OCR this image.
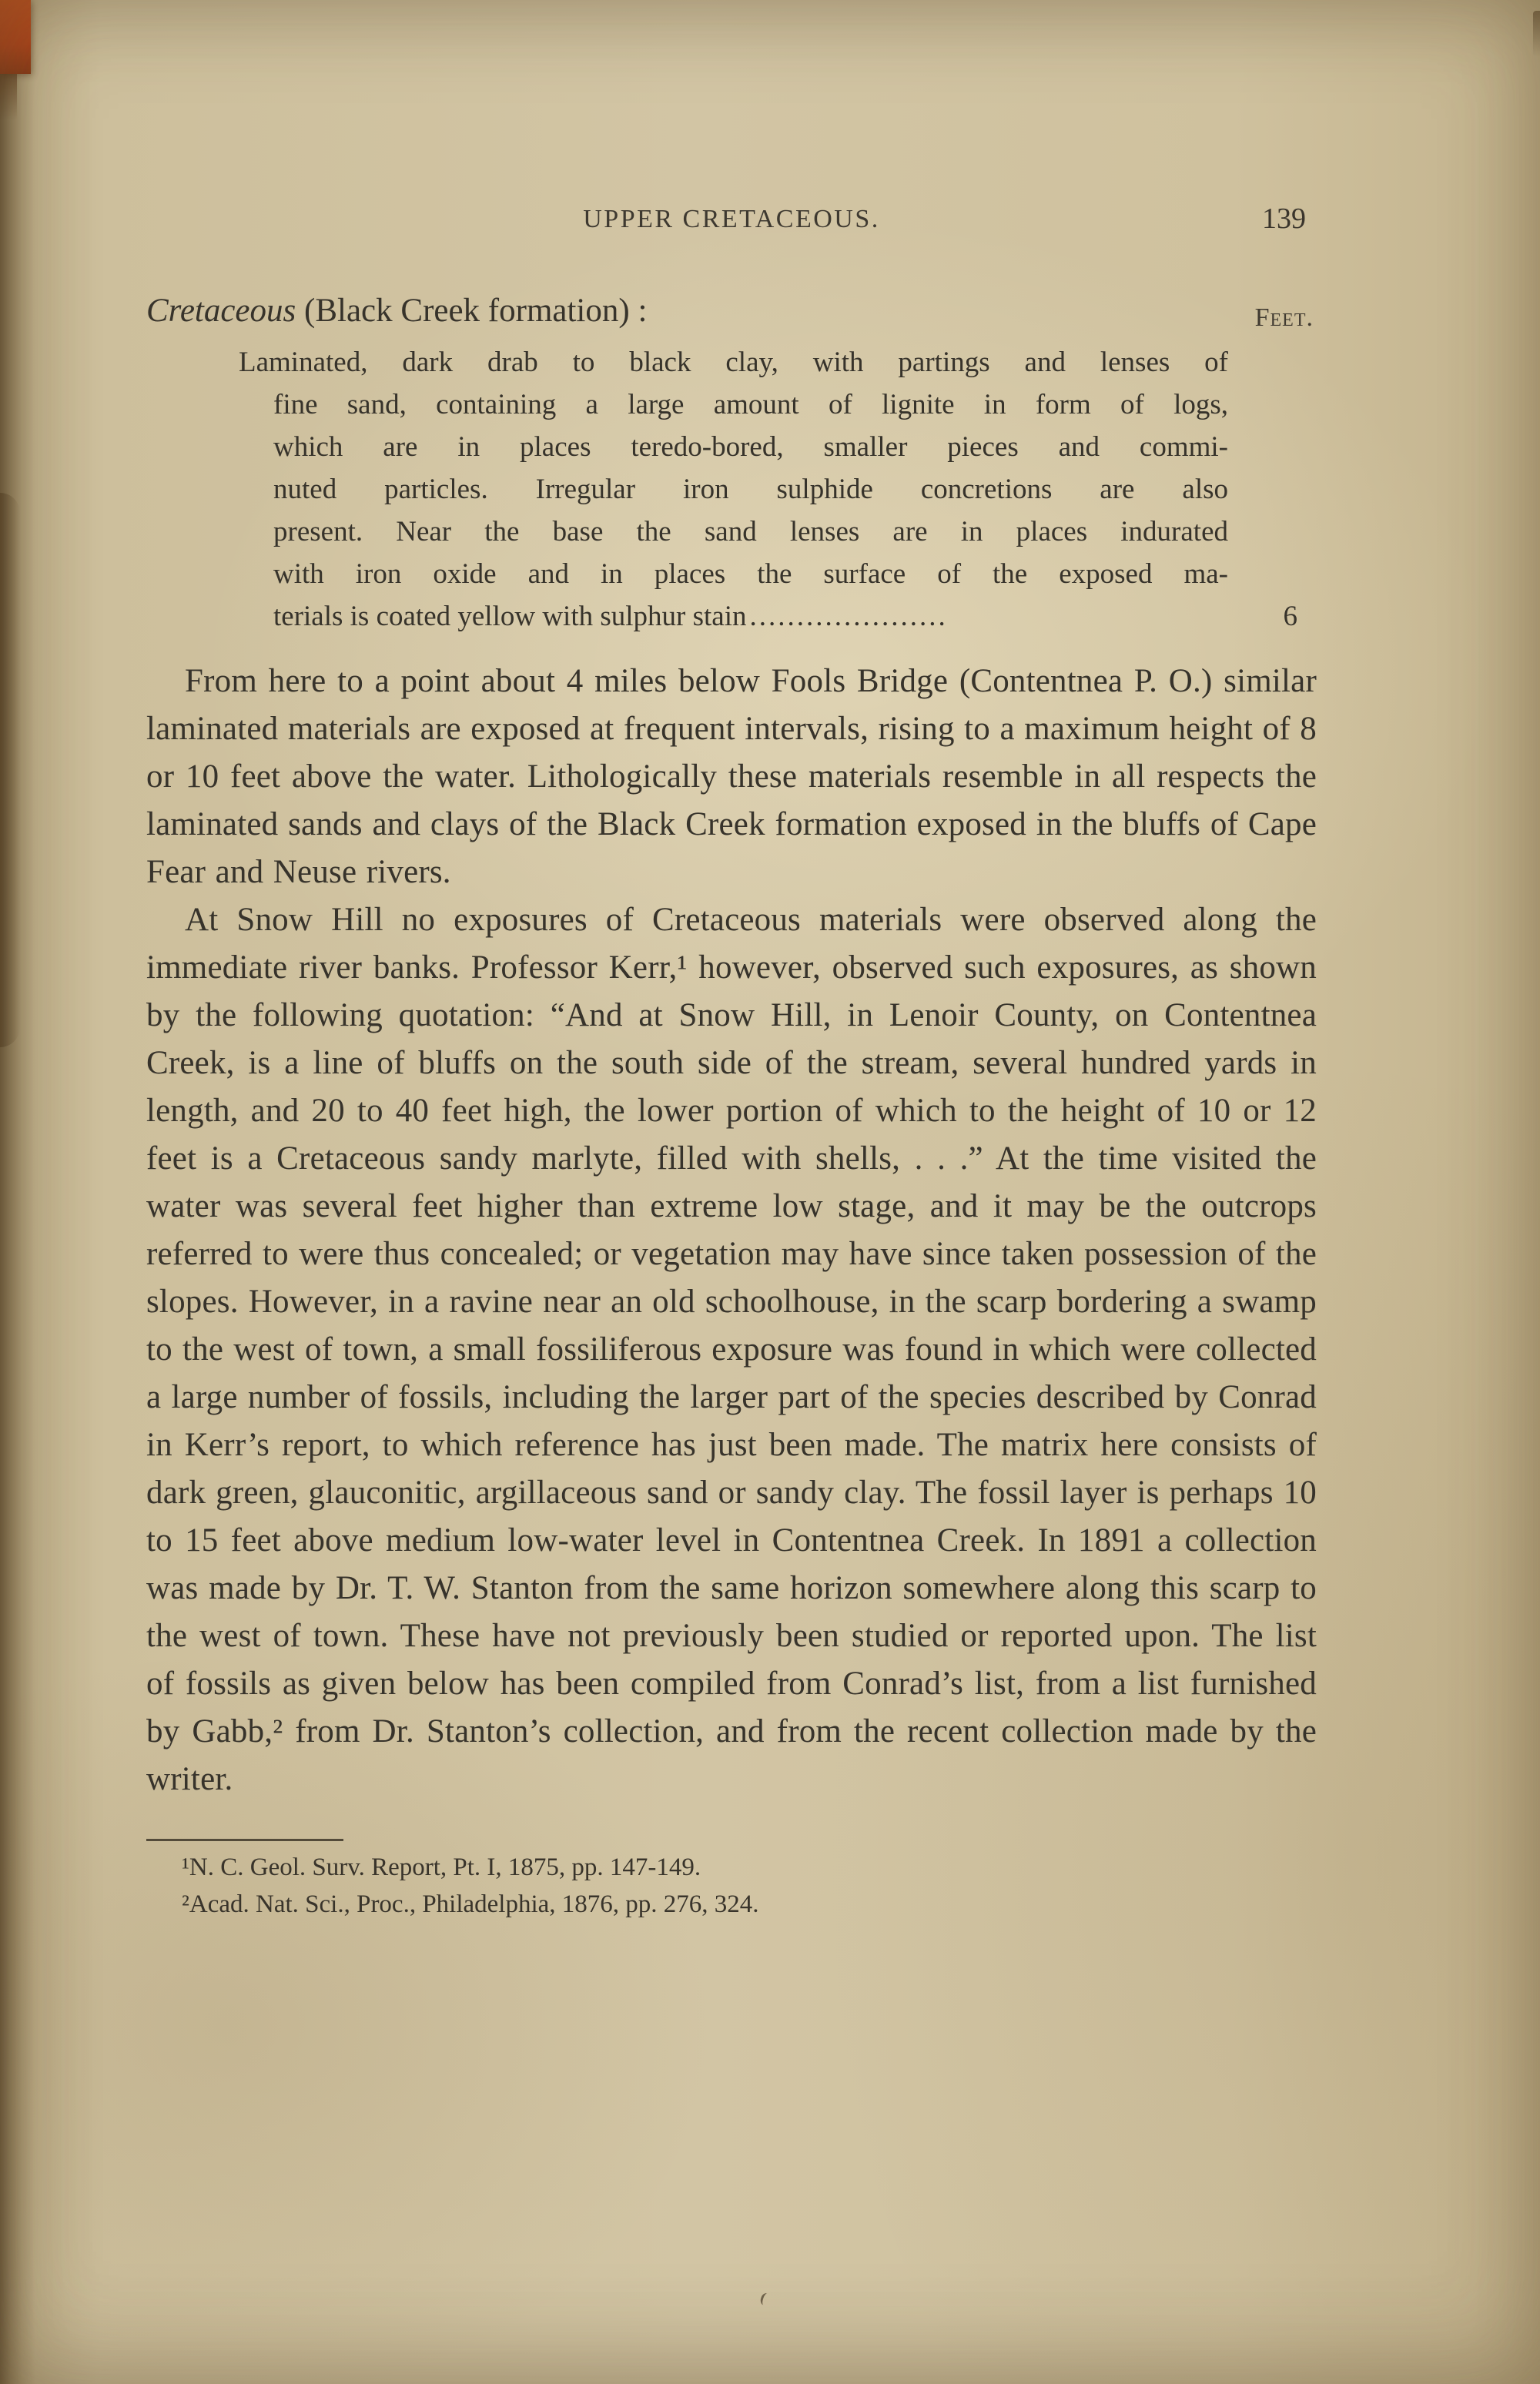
UPPER CRETACEOUS.	139
Cretaceous (Black Creek formation) :	Feet.
Laminated, dark drab to black clay, with partings and lenses of
fine sand, containing a large amount of lignite in form of logs,
which are in places teredo-bored, smaller pieces and commi-
nuted particles. Irregular iron sulphide concretions are also
present. Near the base the sand lenses are in places indurated
with iron oxide and in places the surface of the exposed ma-
terials is coated yellow with sulphur stain .....................	6

From here to a point about 4 miles below Fools Bridge (Contentnea P. O.) similar laminated materials are exposed at frequent intervals, rising to a maximum height of 8 or 10 feet above the water. Lithologically these materials resemble in all respects the laminated sands and clays of the Black Creek formation exposed in the bluffs of Cape Fear and Neuse rivers.

At Snow Hill no exposures of Cretaceous materials were observed along the immediate river banks. Professor Kerr,¹ however, observed such exposures, as shown by the following quotation: “And at Snow Hill, in Lenoir County, on Contentnea Creek, is a line of bluffs on the south side of the stream, several hundred yards in length, and 20 to 40 feet high, the lower portion of which to the height of 10 or 12 feet is a Cretaceous sandy marlyte, filled with shells, . . .” At the time visited the water was several feet higher than extreme low stage, and it may be the outcrops referred to were thus concealed; or vegetation may have since taken possession of the slopes. However, in a ravine near an old schoolhouse, in the scarp bordering a swamp to the west of town, a small fossiliferous exposure was found in which were collected a large number of fossils, including the larger part of the species described by Conrad in Kerr’s report, to which reference has just been made. The matrix here consists of dark green, glauconitic, argillaceous sand or sandy clay. The fossil layer is perhaps 10 to 15 feet above medium low-water level in Contentnea Creek. In 1891 a collection was made by Dr. T. W. Stanton from the same horizon somewhere along this scarp to the west of town. These have not previously been studied or reported upon. The list of fossils as given below has been compiled from Conrad’s list, from a list furnished by Gabb,² from Dr. Stanton’s collection, and from the recent collection made by the writer.

¹N. C. Geol. Surv. Report, Pt. I, 1875, pp. 147-149.
²Acad. Nat. Sci., Proc., Philadelphia, 1876, pp. 276, 324.
